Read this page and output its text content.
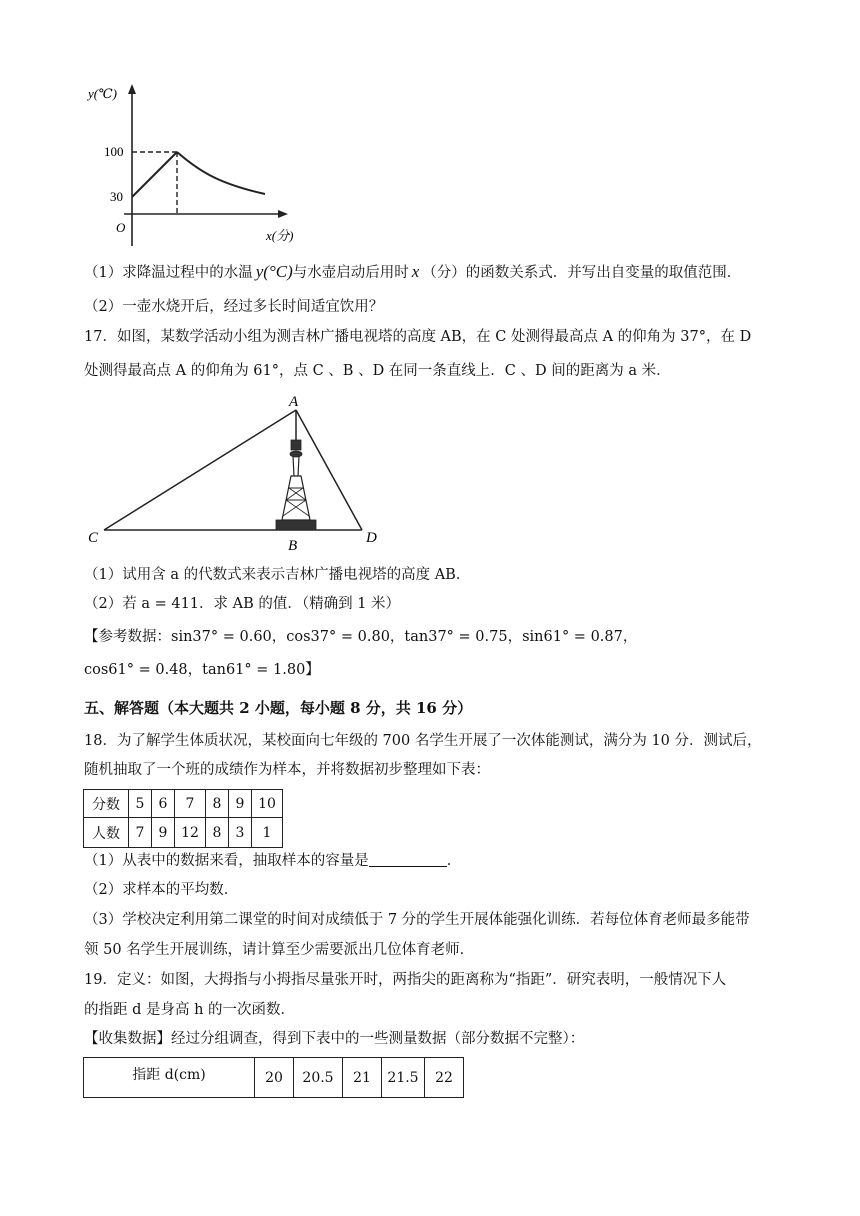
y(℃)
100
30
O
x(分)
（1）求降温过程中的水温 y(°C)与水壶启动后用时 x （分）的函数关系式．并写出自变量的取值范围．
（2）一壶水烧开后，经过多长时间适宜饮用？
17．如图，某数学活动小组为测吉林广播电视塔的高度 AB，在 C 处测得最高点 A 的仰角为 37°，在 D
处测得最高点 A 的仰角为 61°，点 C 、B 、D 在同一条直线上．C 、D 间的距离为 a 米．
A
B
C	D
（1）试用含 a 的代数式来表示吉林广播电视塔的高度 AB．
（2）若 a = 411．求 AB 的值．（精确到 1 米）
【参考数据：sin37° = 0.60，cos37° = 0.80，tan37° = 0.75，sin61° = 0.87，
cos61° = 0.48，tan61° = 1.80】
五、解答题（本大题共 2 小题，每小题 8 分，共 16 分）
18．为了解学生体质状况，某校面向七年级的 700 名学生开展了一次体能测试，满分为 10 分．测试后，
随机抽取了一个班的成绩作为样本，并将数据初步整理如下表：
分数	5	6	7	8	9	10
人数	7	9	12	8	3	1
（1）从表中的数据来看，抽取样本的容量是	．
（2）求样本的平均数．
（3）学校决定利用第二课堂的时间对成绩低于 7 分的学生开展体能强化训练．若每位体育老师最多能带
领 50 名学生开展训练，请计算至少需要派出几位体育老师．
19．定义：如图，大拇指与小拇指尽量张开时，两指尖的距离称为“指距”．研究表明，一般情况下人
的指距 d 是身高 h 的一次函数．
【收集数据】经过分组调查，得到下表中的一些测量数据（部分数据不完整）：
指距 d(cm)	20	20.5	21	21.5	22
